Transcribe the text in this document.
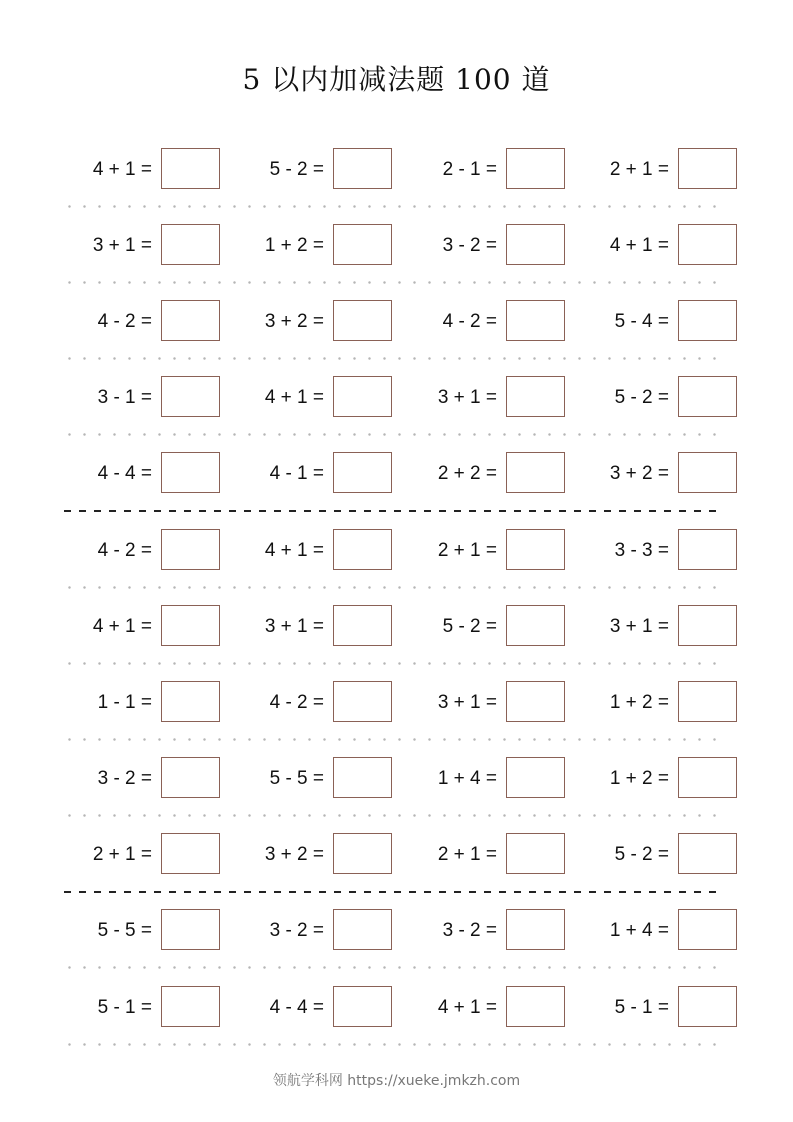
5 以内加减法题 100 道
4 + 1 =	5 - 2 =	2 - 1 =	2 + 1 =
3 + 1 =	1 + 2 =	3 - 2 =	4 + 1 =
4 - 2 =	3 + 2 =	4 - 2 =	5 - 4 =
3 - 1 =	4 + 1 =	3 + 1 =	5 - 2 =
4 - 4 =	4 - 1 =	2 + 2 =	3 + 2 =
4 - 2 =	4 + 1 =	2 + 1 =	3 - 3 =
4 + 1 =	3 + 1 =	5 - 2 =	3 + 1 =
1 - 1 =	4 - 2 =	3 + 1 =	1 + 2 =
3 - 2 =	5 - 5 =	1 + 4 =	1 + 2 =
2 + 1 =	3 + 2 =	2 + 1 =	5 - 2 =
5 - 5 =	3 - 2 =	3 - 2 =	1 + 4 =
5 - 1 =	4 - 4 =	4 + 1 =	5 - 1 =
领航学科网 https://xueke.jmkzh.com
